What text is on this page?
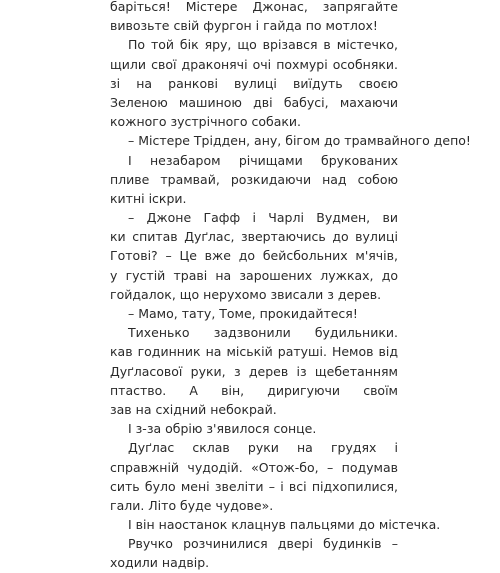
баріться! Містере Джонас, запрягайте
вивозьте свій фургон і гайда по мотлох!
По той бік яру, що врізався в містечко,
щили свої драконячі очі похмурі особняки.
зі на ранкові вулиці виїдуть своєю
Зеленою машиною дві бабусі, махаючи
кожного зустрічного собаки.
– Містере Трідден, ану, бігом до трамвайного депо!
І незабаром річищами брукованих
пливе трамвай, розкидаючи над собою
китні іскри.
– Джоне Гафф і Чарлі Вудмен, ви
ки спитав Дуґлас, звертаючись до вулиці
Готові? – Це вже до бейсбольних м'ячів,
у густій траві на зарошених лужках, до
гойдалок, що нерухомо звисали з дерев.
– Мамо, тату, Томе, прокидайтеся!
Тихенько задзвонили будильники.
кав годинник на міській ратуші. Немов від
Дуґласової руки, з дерев із щебетанням
птаство. А він, диригуючи своїм
зав на східний небокрай.
І з-за обрію з'явилося сонце.
Дуґлас склав руки на грудях і
справжній чудодій. «Отож-бо, – подумав
сить було мені звеліти – і всі підхопилися,
гали. Літо буде чудове».
І він наостанок клацнув пальцями до містечка.
Рвучко розчинилися двері будинків –
ходили надвір.
